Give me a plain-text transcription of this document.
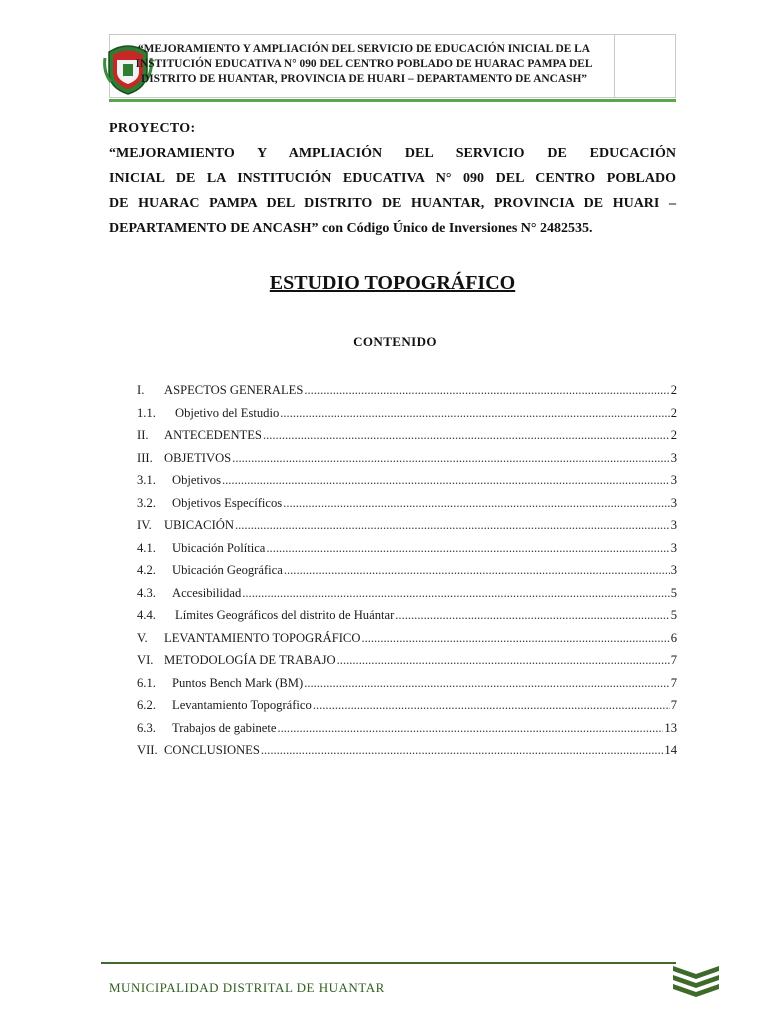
“MEJORAMIENTO Y AMPLIACIÓN DEL SERVICIO DE EDUCACIÓN INICIAL DE LA
INSTITUCIÓN EDUCATIVA N° 090 DEL CENTRO POBLADO DE HUARAC PAMPA DEL
DISTRITO DE HUANTAR, PROVINCIA DE HUARI – DEPARTAMENTO DE ANCASH”
PROYECTO:
“MEJORAMIENTO Y AMPLIACIÓN DEL SERVICIO DE EDUCACIÓN
INICIAL DE LA INSTITUCIÓN EDUCATIVA N° 090 DEL CENTRO POBLADO
DE HUARAC PAMPA DEL DISTRITO DE HUANTAR, PROVINCIA DE HUARI –
DEPARTAMENTO DE ANCASH” con Código Único de Inversiones N° 2482535.
ESTUDIO TOPOGRÁFICO
CONTENIDO
I.	ASPECTOS GENERALES .....	2
1.1.	Objetivo del Estudio .....	2
II.	ANTECEDENTES .....	2
III. OBJETIVOS .....	3
3.1.	Objetivos .....	3
3.2.	Objetivos Específicos .....	3
IV. UBICACIÓN .....	3
4.1.	Ubicación Política .....	3
4.2.	Ubicación Geográfica .....	3
4.3.	Accesibilidad .....	5
4.4.	Límites Geográficos del distrito de Huántar .....	5
V.	LEVANTAMIENTO TOPOGRÁFICO .....	6
VI. METODOLOGÍA DE TRABAJO .....	7
6.1.	Puntos Bench Mark (BM) .....	7
6.2.	Levantamiento Topográfico .....	7
6.3.	Trabajos de gabinete .....	13
VII. CONCLUSIONES .....	14
MUNICIPALIDAD DISTRITAL DE HUANTAR
